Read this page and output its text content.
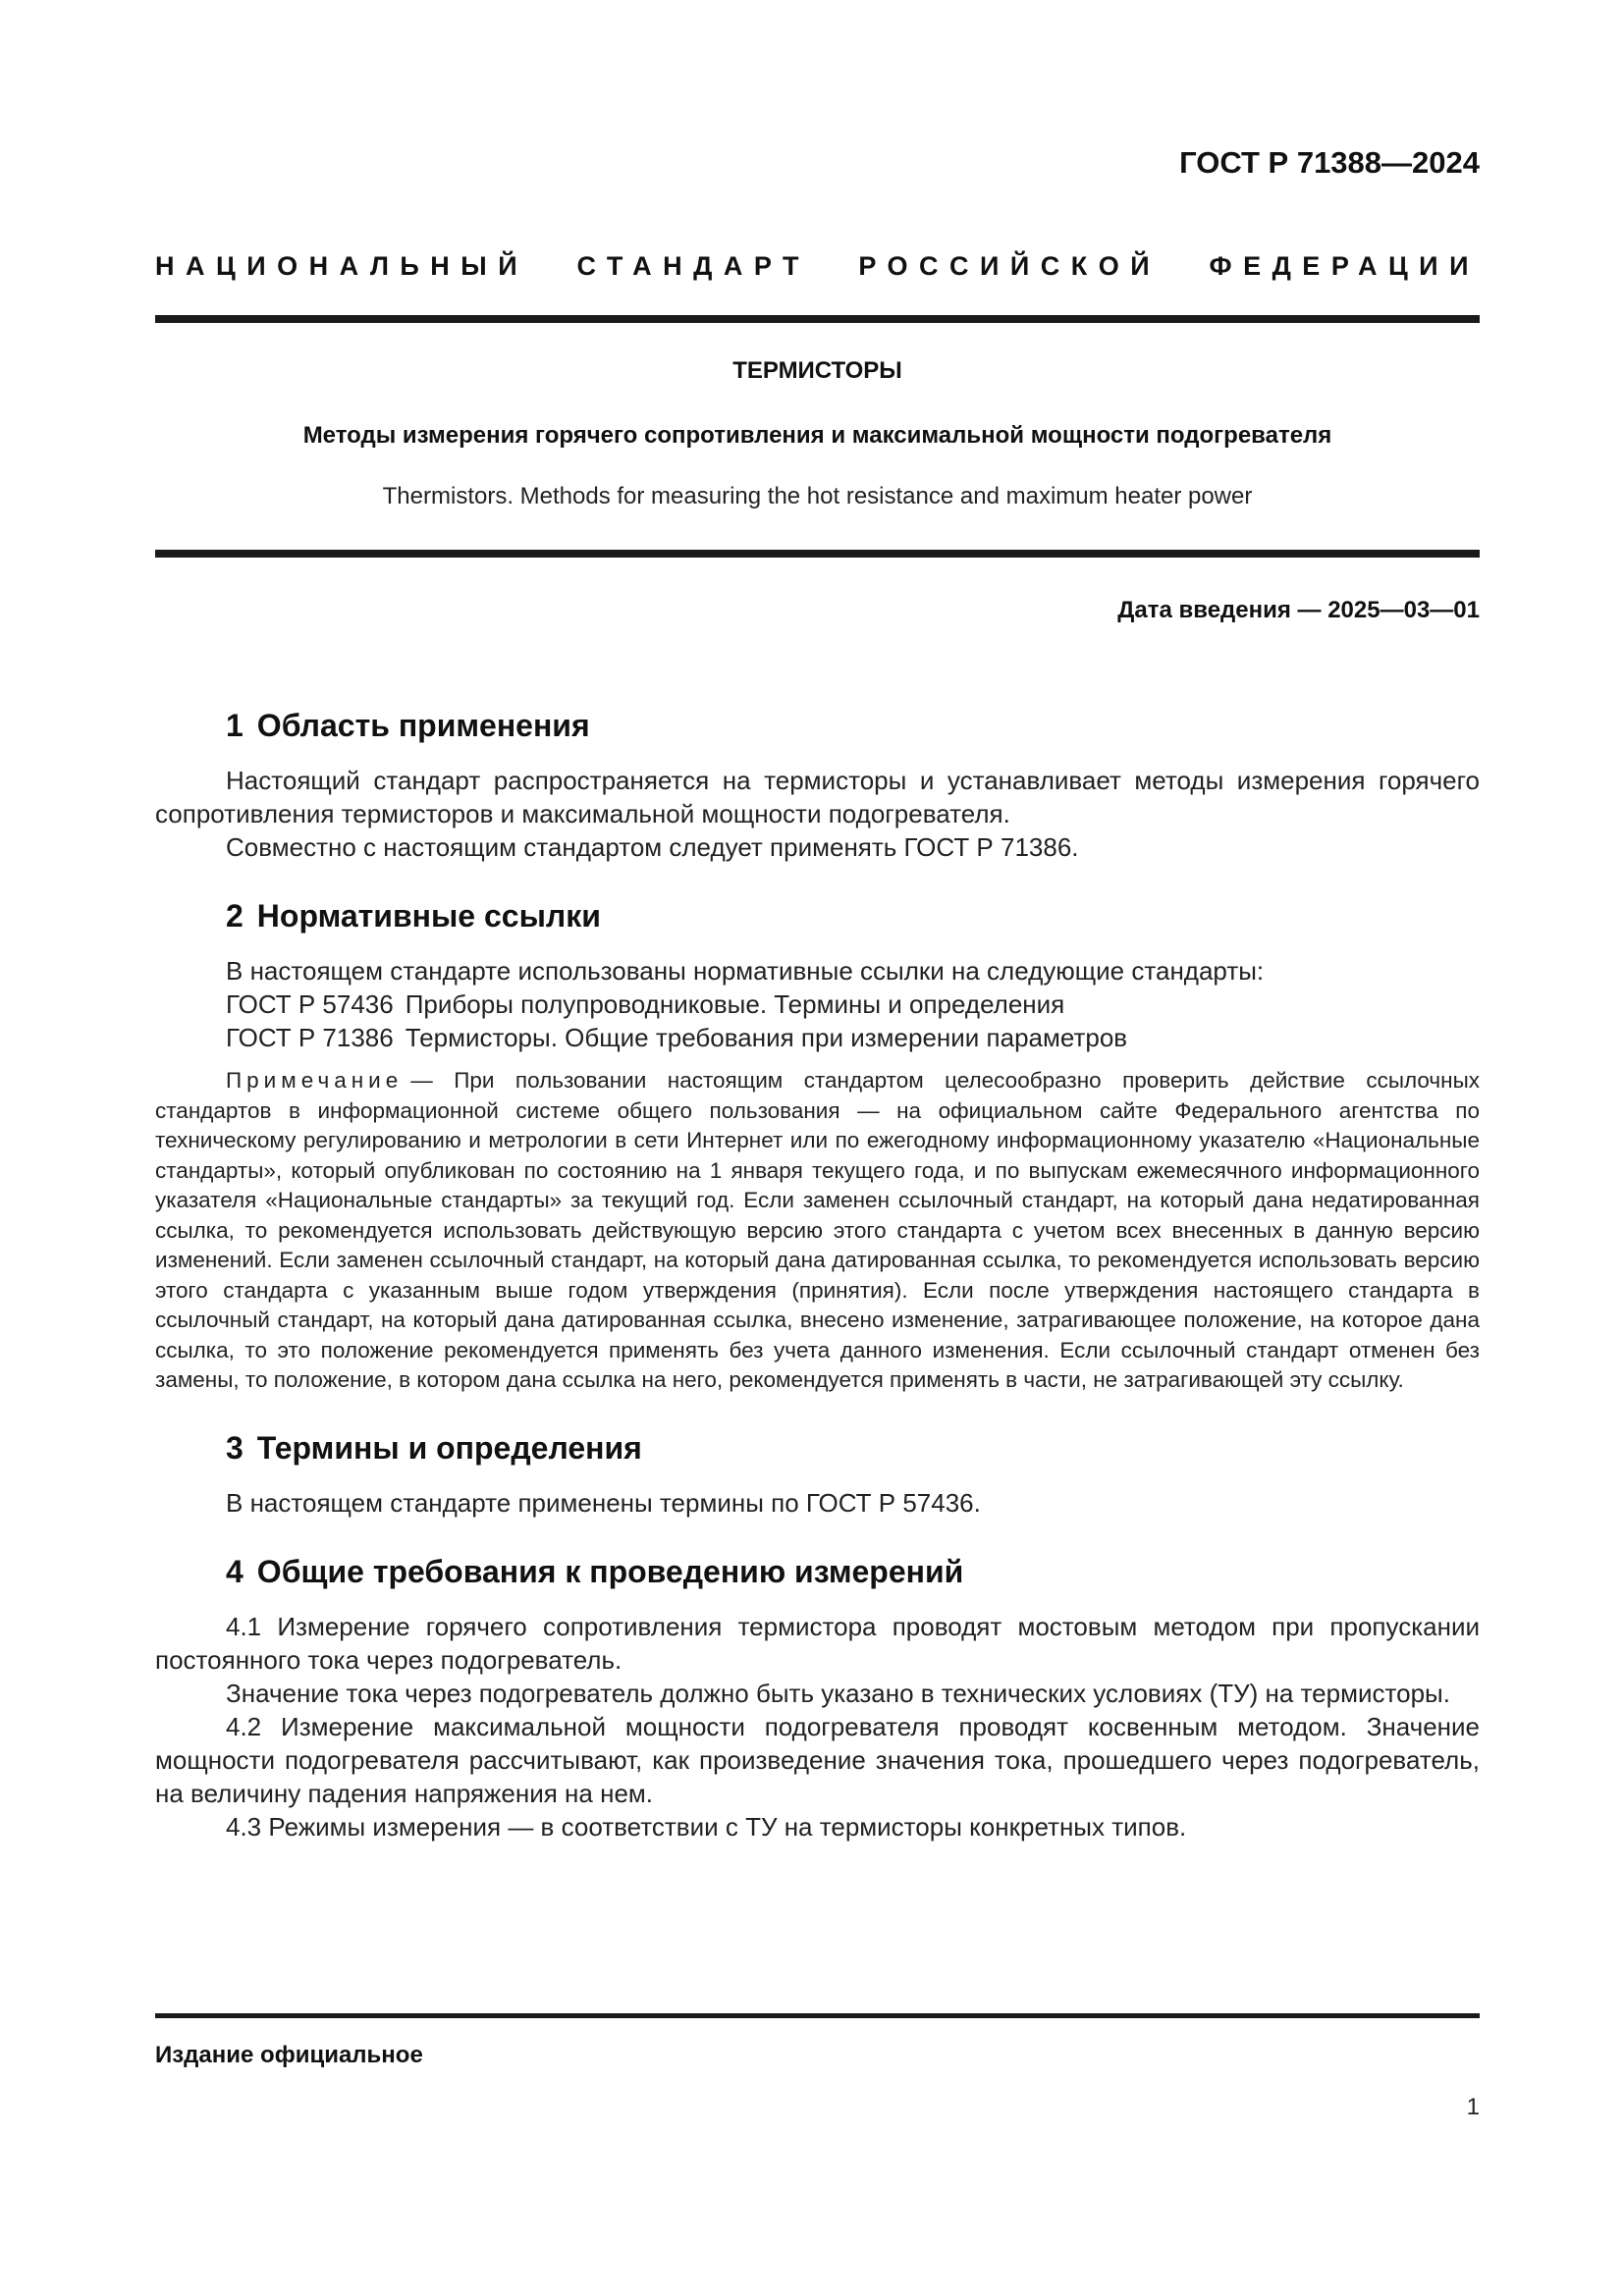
ГОСТ Р 71388—2024

НАЦИОНАЛЬНЫЙ СТАНДАРТ РОССИЙСКОЙ ФЕДЕРАЦИИ

ТЕРМИСТОРЫ

Методы измерения горячего сопротивления и максимальной мощности подогревателя

Thermistors. Methods for measuring the hot resistance and maximum heater power

Дата введения — 2025—03—01

1 Область применения

Настоящий стандарт распространяется на термисторы и устанавливает методы измерения горячего сопротивления термисторов и максимальной мощности подогревателя.

Совместно с настоящим стандартом следует применять ГОСТ Р 71386.

2 Нормативные ссылки

В настоящем стандарте использованы нормативные ссылки на следующие стандарты:

ГОСТ Р 57436 Приборы полупроводниковые. Термины и определения

ГОСТ Р 71386 Термисторы. Общие требования при измерении параметров

Примечание — При пользовании настоящим стандартом целесообразно проверить действие ссылочных стандартов в информационной системе общего пользования — на официальном сайте Федерального агентства по техническому регулированию и метрологии в сети Интернет или по ежегодному информационному указателю «Национальные стандарты», который опубликован по состоянию на 1 января текущего года, и по выпускам ежемесячного информационного указателя «Национальные стандарты» за текущий год. Если заменен ссылочный стандарт, на который дана недатированная ссылка, то рекомендуется использовать действующую версию этого стандарта с учетом всех внесенных в данную версию изменений. Если заменен ссылочный стандарт, на который дана датированная ссылка, то рекомендуется использовать версию этого стандарта с указанным выше годом утверждения (принятия). Если после утверждения настоящего стандарта в ссылочный стандарт, на который дана датированная ссылка, внесено изменение, затрагивающее положение, на которое дана ссылка, то это положение рекомендуется применять без учета данного изменения. Если ссылочный стандарт отменен без замены, то положение, в котором дана ссылка на него, рекомендуется применять в части, не затрагивающей эту ссылку.

3 Термины и определения

В настоящем стандарте применены термины по ГОСТ Р 57436.

4 Общие требования к проведению измерений

4.1 Измерение горячего сопротивления термистора проводят мостовым методом при пропускании постоянного тока через подогреватель.

Значение тока через подогреватель должно быть указано в технических условиях (ТУ) на термисторы.

4.2 Измерение максимальной мощности подогревателя проводят косвенным методом. Значение мощности подогревателя рассчитывают, как произведение значения тока, прошедшего через подогреватель, на величину падения напряжения на нем.

4.3 Режимы измерения — в соответствии с ТУ на термисторы конкретных типов.

Издание официальное

1
